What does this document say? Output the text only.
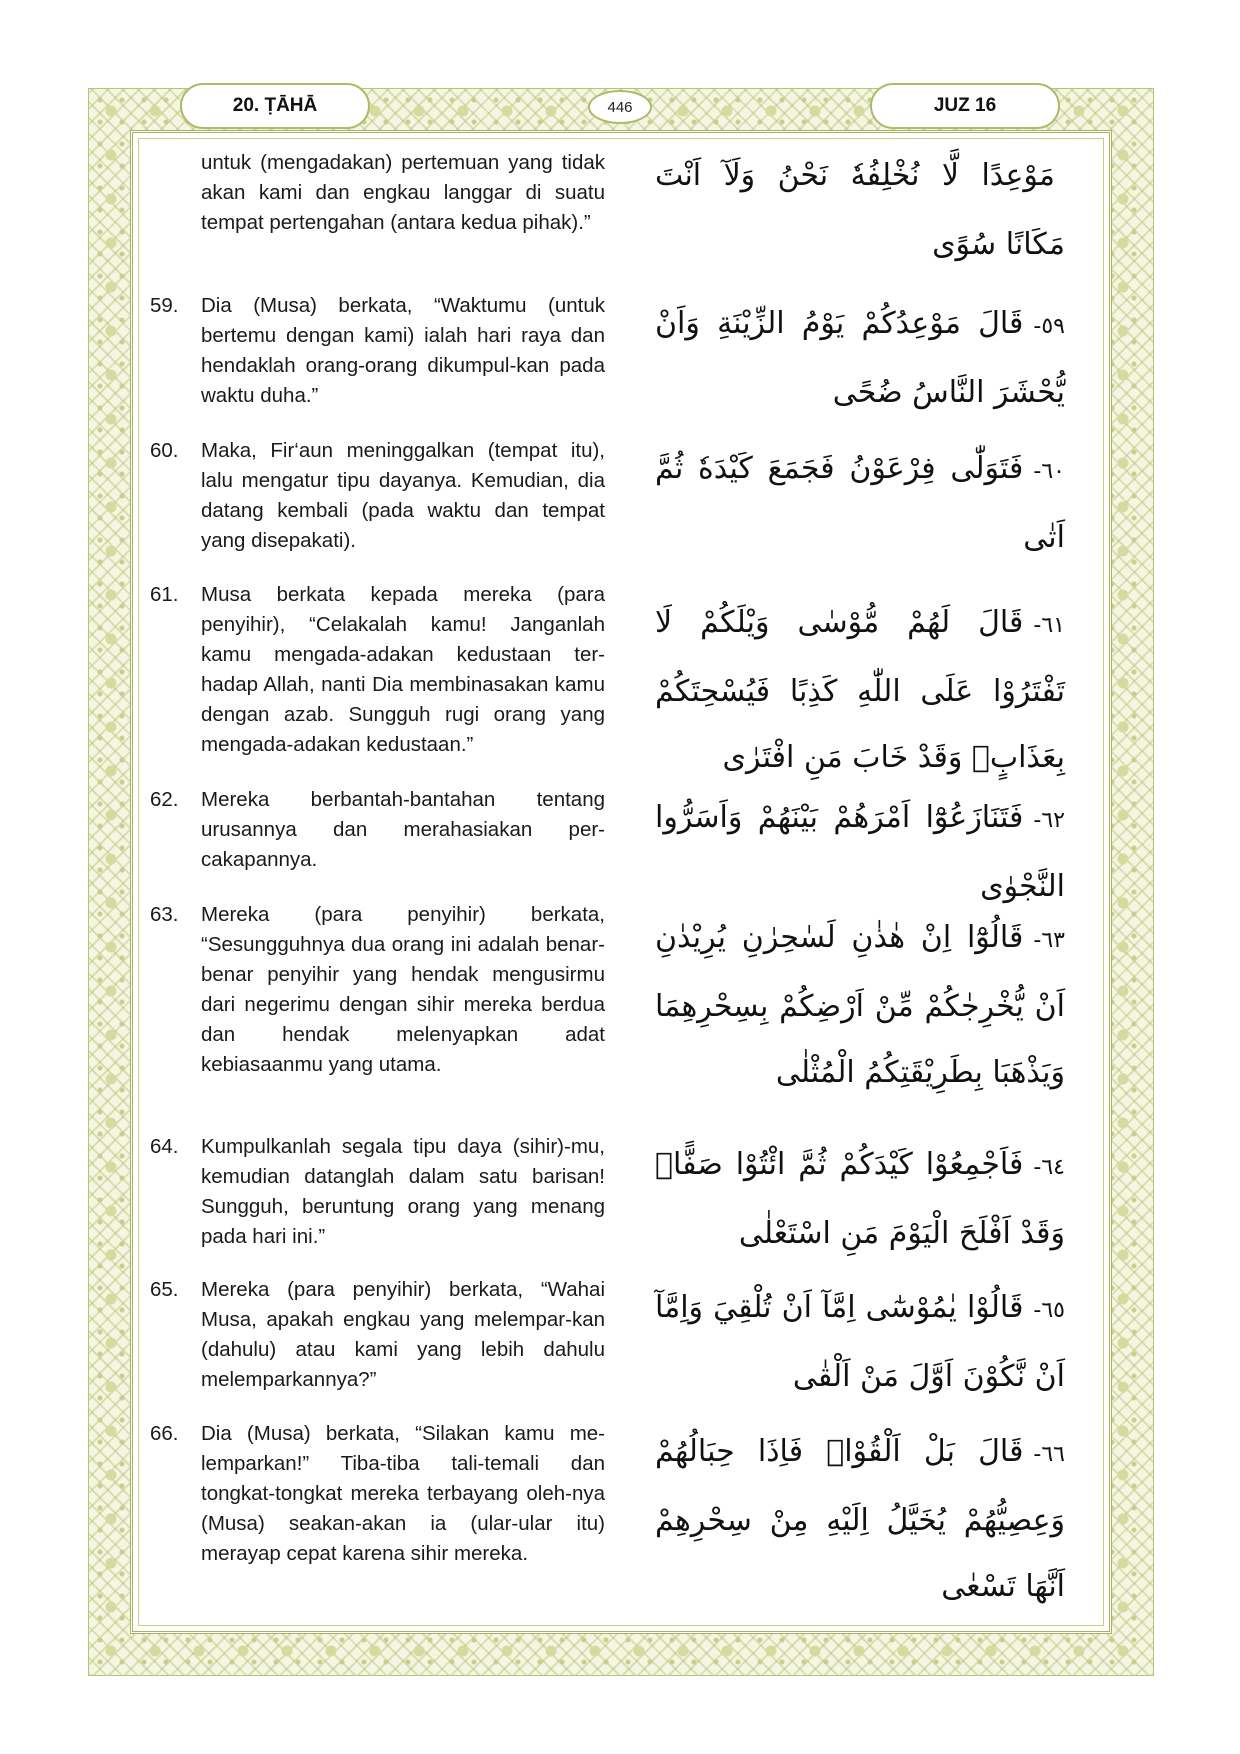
20. ṬĀHĀ	446	JUZ 16
untuk (mengadakan) pertemuan yang tidak akan kami dan engkau langgar di suatu tempat pertengahan (antara kedua pihak).”
مَوْعِدًا لَّا نُخْلِفُهٗ نَحْنُ وَلَآ اَنْتَ مَكَانًا سُوًى
59.	Dia (Musa) berkata, “Waktumu (untuk bertemu dengan kami) ialah hari raya dan hendaklah orang-orang dikumpul-kan pada waktu duha.”
٥٩-قَالَ مَوْعِدُكُمْ يَوْمُ الزِّيْنَةِ وَاَنْ يُّحْشَرَ النَّاسُ ضُحًى
60.	Maka, Fir‘aun meninggalkan (tempat itu), lalu mengatur tipu dayanya. Kemudian, dia datang kembali (pada waktu dan tempat yang disepakati).
٦٠-فَتَوَلّٰى فِرْعَوْنُ فَجَمَعَ كَيْدَهٗ ثُمَّ اَتٰى
61.	Musa berkata kepada mereka (para penyihir), “Celakalah kamu! Janganlah kamu mengada-adakan kedustaan ter-hadap Allah, nanti Dia membinasakan kamu dengan azab. Sungguh rugi orang yang mengada-adakan kedustaan.”
٦١-قَالَ لَهُمْ مُّوْسٰى وَيْلَكُمْ لَا تَفْتَرُوْا عَلَى اللّٰهِ كَذِبًا فَيُسْحِتَكُمْ بِعَذَابٍۚ وَقَدْ خَابَ مَنِ افْتَرٰى
62.	Mereka berbantah-bantahan tentang urusannya dan merahasiakan per-cakapannya.
٦٢-فَتَنَازَعُوْٓا اَمْرَهُمْ بَيْنَهُمْ وَاَسَرُّوا النَّجْوٰى
63.	Mereka (para penyihir) berkata, “Sesungguhnya dua orang ini adalah benar-benar penyihir yang hendak mengusirmu dari negerimu dengan sihir mereka berdua dan hendak melenyapkan adat kebiasaanmu yang utama.
٦٣-قَالُوْٓا اِنْ هٰذٰنِ لَسٰحِرٰنِ يُرِيْدٰنِ اَنْ يُّخْرِجٰكُمْ مِّنْ اَرْضِكُمْ بِسِحْرِهِمَا وَيَذْهَبَا بِطَرِيْقَتِكُمُ الْمُثْلٰى
64.	Kumpulkanlah segala tipu daya (sihir)-mu, kemudian datanglah dalam satu barisan! Sungguh, beruntung orang yang menang pada hari ini.”
٦٤-فَاَجْمِعُوْا كَيْدَكُمْ ثُمَّ ائْتُوْا صَفًّاۚ وَقَدْ اَفْلَحَ الْيَوْمَ مَنِ اسْتَعْلٰى
65.	Mereka (para penyihir) berkata, “Wahai Musa, apakah engkau yang melempar-kan (dahulu) atau kami yang lebih dahulu melemparkannya?”
٦٥-قَالُوْا يٰمُوْسٰٓى اِمَّآ اَنْ تُلْقِيَ وَاِمَّآ اَنْ نَّكُوْنَ اَوَّلَ مَنْ اَلْقٰى
66.	Dia (Musa) berkata, “Silakan kamu me-lemparkan!” Tiba-tiba tali-temali dan tongkat-tongkat mereka terbayang oleh-nya (Musa) seakan-akan ia (ular-ular itu) merayap cepat karena sihir mereka.
٦٦-قَالَ بَلْ اَلْقُوْاۚ فَاِذَا حِبَالُهُمْ وَعِصِيُّهُمْ يُخَيَّلُ اِلَيْهِ مِنْ سِحْرِهِمْ اَنَّهَا تَسْعٰى
